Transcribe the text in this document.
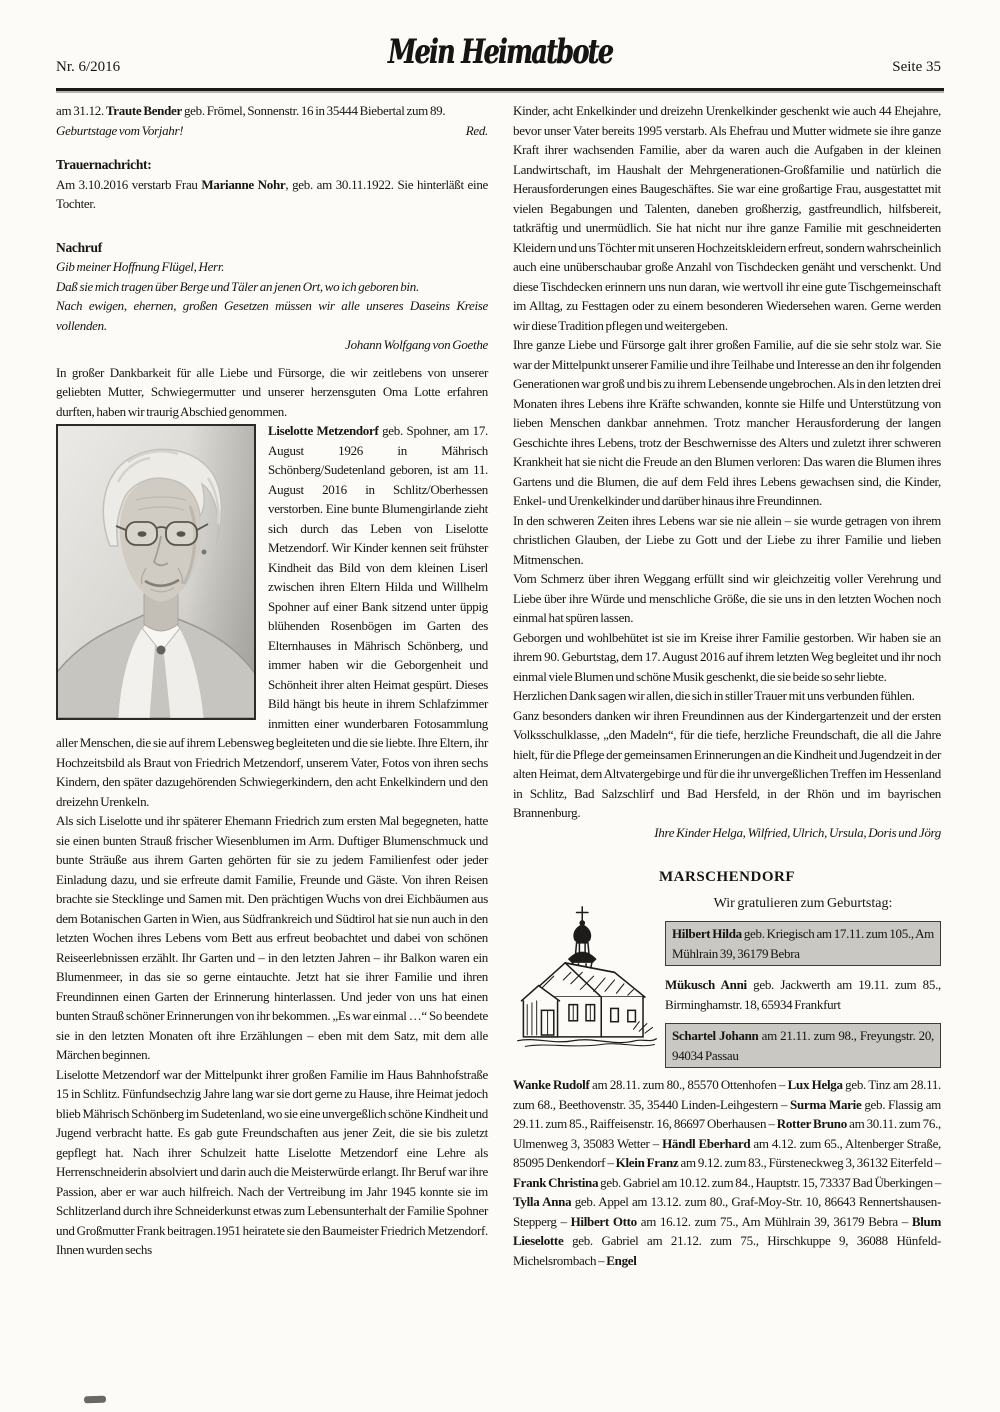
Nr. 6/2016	Mein Heimatbote	Seite 35

am 31.12. Traute Bender geb. Frömel, Sonnenstr. 16 in 35444 Biebertal zum 89.

Geburtstage vom Vorjahr!	Red.

Trauernachricht:

Am 3.10.2016 verstarb Frau Marianne Nohr, geb. am 30.11.1922. Sie hinterläßt eine Tochter.

Nachruf

Gib meiner Hoffnung Flügel, Herr.

Daß sie mich tragen über Berge und Täler an jenen Ort, wo ich geboren bin.

Nach ewigen, ehernen, großen Gesetzen müssen wir alle unseres Daseins Kreise vollenden.

Johann Wolfgang von Goethe

In großer Dankbarkeit für alle Liebe und Fürsorge, die wir zeitlebens von unserer geliebten Mutter, Schwiegermutter und unserer herzensguten Oma Lotte erfahren durften, haben wir traurig Abschied genommen.

Liselotte Metzendorf geb. Spohner, am 17. August 1926 in Mährisch Schönberg/Sudetenland geboren, ist am 11. August 2016 in Schlitz/Oberhessen verstorben. Eine bunte Blumengirlande zieht sich durch das Leben von Liselotte Metzendorf. Wir Kinder kennen seit frühster Kindheit das Bild von dem kleinen Liserl zwischen ihren Eltern Hilda und Willhelm Spohner auf einer Bank sitzend unter üppig blühenden Rosenbögen im Garten des Elternhauses in Mährisch Schönberg, und immer haben wir die Geborgenheit und Schönheit ihrer alten Heimat gespürt. Dieses Bild hängt bis heute in ihrem Schlafzimmer inmitten einer wunderbaren Fotosammlung aller Menschen, die sie auf ihrem Lebensweg begleiteten und die sie liebte. Ihre Eltern, ihr Hochzeitsbild als Braut von Friedrich Metzendorf, unserem Vater, Fotos von ihren sechs Kindern, den später dazugehörenden Schwiegerkindern, den acht Enkelkindern und den dreizehn Urenkeln.

Als sich Liselotte und ihr späterer Ehemann Friedrich zum ersten Mal begegneten, hatte sie einen bunten Strauß frischer Wiesenblumen im Arm. Duftiger Blumenschmuck und bunte Sträuße aus ihrem Garten gehörten für sie zu jedem Familienfest oder jeder Einladung dazu, und sie erfreute damit Familie, Freunde und Gäste. Von ihren Reisen brachte sie Stecklinge und Samen mit. Den prächtigen Wuchs von drei Eichbäumen aus dem Botanischen Garten in Wien, aus Südfrankreich und Südtirol hat sie nun auch in den letzten Wochen ihres Lebens vom Bett aus erfreut beobachtet und dabei von schönen Reiseerlebnissen erzählt. Ihr Garten und – in den letzten Jahren – ihr Balkon waren ein Blumenmeer, in das sie so gerne eintauchte. Jetzt hat sie ihrer Familie und ihren Freundinnen einen Garten der Erinnerung hinterlassen. Und jeder von uns hat einen bunten Strauß schöner Erinnerungen von ihr bekommen. „Es war einmal …“ So beendete sie in den letzten Monaten oft ihre Erzählungen – eben mit dem Satz, mit dem alle Märchen beginnen.

Liselotte Metzendorf war der Mittelpunkt ihrer großen Familie im Haus Bahnhofstraße 15 in Schlitz. Fünfundsechzig Jahre lang war sie dort gerne zu Hause, ihre Heimat jedoch blieb Mährisch Schönberg im Sudetenland, wo sie eine unvergeßlich schöne Kindheit und Jugend verbracht hatte. Es gab gute Freundschaften aus jener Zeit, die sie bis zuletzt gepflegt hat. Nach ihrer Schulzeit hatte Liselotte Metzendorf eine Lehre als Herrenschneiderin absolviert und darin auch die Meisterwürde erlangt. Ihr Beruf war ihre Passion, aber er war auch hilfreich. Nach der Vertreibung im Jahr 1945 konnte sie im Schlitzerland durch ihre Schneiderkunst etwas zum Lebensunterhalt der Familie Spohner und Großmutter Frank beitragen.1951 heiratete sie den Baumeister Friedrich Metzendorf. Ihnen wurden sechs

Kinder, acht Enkelkinder und dreizehn Urenkelkinder geschenkt wie auch 44 Ehejahre, bevor unser Vater bereits 1995 verstarb. Als Ehefrau und Mutter widmete sie ihre ganze Kraft ihrer wachsenden Familie, aber da waren auch die Aufgaben in der kleinen Landwirtschaft, im Haushalt der Mehrgenerationen-Großfamilie und natürlich die Herausforderungen eines Baugeschäftes. Sie war eine großartige Frau, ausgestattet mit vielen Begabungen und Talenten, daneben großherzig, gastfreundlich, hilfsbereit, tatkräftig und unermüdlich. Sie hat nicht nur ihre ganze Familie mit geschneiderten Kleidern und uns Töchter mit unseren Hochzeitskleidern erfreut, sondern wahrscheinlich auch eine unüberschaubar große Anzahl von Tischdecken genäht und verschenkt. Und diese Tischdecken erinnern uns nun daran, wie wertvoll ihr eine gute Tischgemeinschaft im Alltag, zu Festtagen oder zu einem besonderen Wiedersehen waren. Gerne werden wir diese Tradition pflegen und weitergeben.

Ihre ganze Liebe und Fürsorge galt ihrer großen Familie, auf die sie sehr stolz war. Sie war der Mittelpunkt unserer Familie und ihre Teilhabe und Interesse an den ihr folgenden Generationen war groß und bis zu ihrem Lebensende ungebrochen. Als in den letzten drei Monaten ihres Lebens ihre Kräfte schwanden, konnte sie Hilfe und Unterstützung von lieben Menschen dankbar annehmen. Trotz mancher Herausforderung der langen Geschichte ihres Lebens, trotz der Beschwernisse des Alters und zuletzt ihrer schweren Krankheit hat sie nicht die Freude an den Blumen verloren: Das waren die Blumen ihres Gartens und die Blumen, die auf dem Feld ihres Lebens gewachsen sind, die Kinder, Enkel- und Urenkelkinder und darüber hinaus ihre Freundinnen.

In den schweren Zeiten ihres Lebens war sie nie allein – sie wurde getragen von ihrem christlichen Glauben, der Liebe zu Gott und der Liebe zu ihrer Familie und lieben Mitmenschen.

Vom Schmerz über ihren Weggang erfüllt sind wir gleichzeitig voller Verehrung und Liebe über ihre Würde und menschliche Größe, die sie uns in den letzten Wochen noch einmal hat spüren lassen.

Geborgen und wohlbehütet ist sie im Kreise ihrer Familie gestorben. Wir haben sie an ihrem 90. Geburtstag, dem 17. August 2016 auf ihrem letzten Weg begleitet und ihr noch einmal viele Blumen und schöne Musik geschenkt, die sie beide so sehr liebte.

Herzlichen Dank sagen wir allen, die sich in stiller Trauer mit uns verbunden fühlen.

Ganz besonders danken wir ihren Freundinnen aus der Kindergartenzeit und der ersten Volksschulklasse, „den Madeln“, für die tiefe, herzliche Freundschaft, die all die Jahre hielt, für die Pflege der gemeinsamen Erinnerungen an die Kindheit und Jugendzeit in der alten Heimat, dem Altvatergebirge und für die ihr unvergeßlichen Treffen im Hessenland in Schlitz, Bad Salzschlirf und Bad Hersfeld, in der Rhön und im bayrischen Brannenburg.

Ihre Kinder Helga, Wilfried, Ulrich, Ursula, Doris und Jörg

MARSCHENDORF
Wir gratulieren zum Geburtstag:
Hilbert Hilda geb. Kriegisch am 17.11. zum 105., Am Mühlrain 39, 36179 Bebra
Mükusch Anni geb. Jackwerth am 19.11. zum 85., Birminghamstr. 18, 65934 Frankfurt
Schartel Johann am 21.11. zum 98., Freyungstr. 20, 94034 Passau

Wanke Rudolf am 28.11. zum 80., 85570 Ottenhofen – Lux Helga geb. Tinz am 28.11. zum 68., Beethovenstr. 35, 35440 Linden-Leihgestern – Surma Marie geb. Flassig am 29.11. zum 85., Raiffeisenstr. 16, 86697 Oberhausen – Rotter Bruno am 30.11. zum 76., Ulmenweg 3, 35083 Wetter – Händl Eberhard am 4.12. zum 65., Altenberger Straße, 85095 Denkendorf – Klein Franz am 9.12. zum 83., Fürsteneckweg 3, 36132 Eiterfeld – Frank Christina geb. Gabriel am 10.12. zum 84., Hauptstr. 15, 73337 Bad Überkingen – Tylla Anna geb. Appel am 13.12. zum 80., Graf-Moy-Str. 10, 86643 Rennertshausen-Stepperg – Hilbert Otto am 16.12. zum 75., Am Mühlrain 39, 36179 Bebra – Blum Lieselotte geb. Gabriel am 21.12. zum 75., Hirschkuppe 9, 36088 Hünfeld-Michelsrombach – Engel
